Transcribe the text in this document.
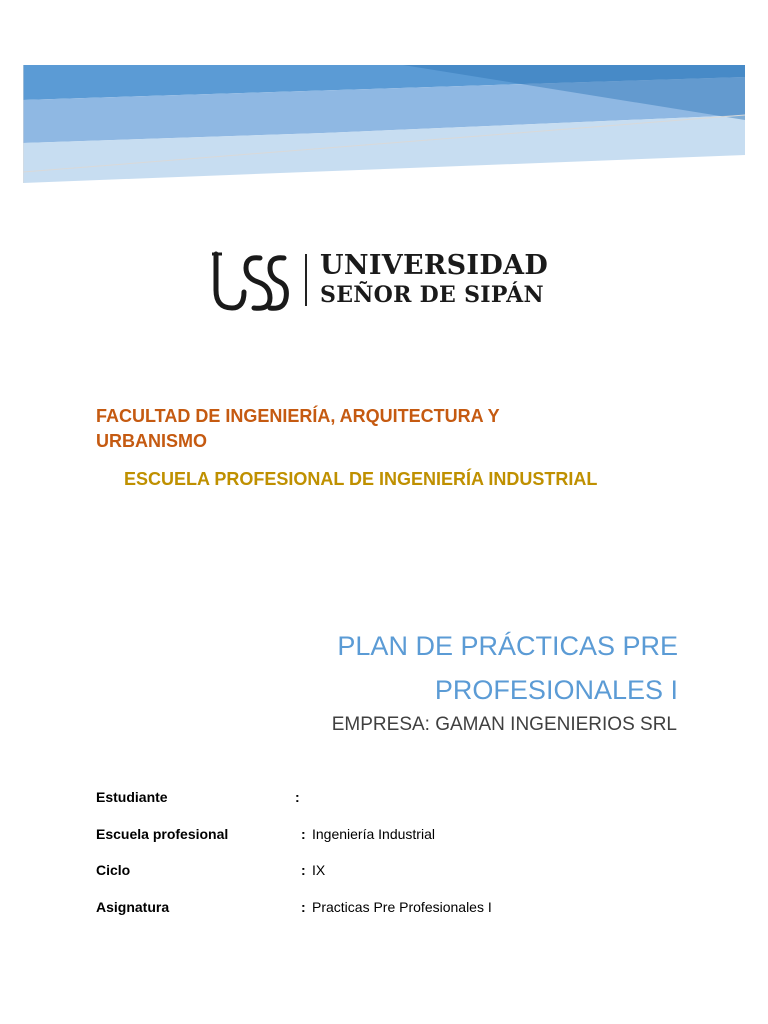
UNIVERSIDAD
SEÑOR DE SIPÁN
FACULTAD DE INGENIERÍA, ARQUITECTURA Y URBANISMO
ESCUELA PROFESIONAL DE INGENIERÍA INDUSTRIAL
PLAN DE PRÁCTICAS PRE
PROFESIONALES I
EMPRESA: GAMAN INGENIERIOS SRL
Estudiante	:
Escuela profesional	: Ingeniería Industrial
Ciclo	: IX
Asignatura	: Practicas Pre Profesionales I
